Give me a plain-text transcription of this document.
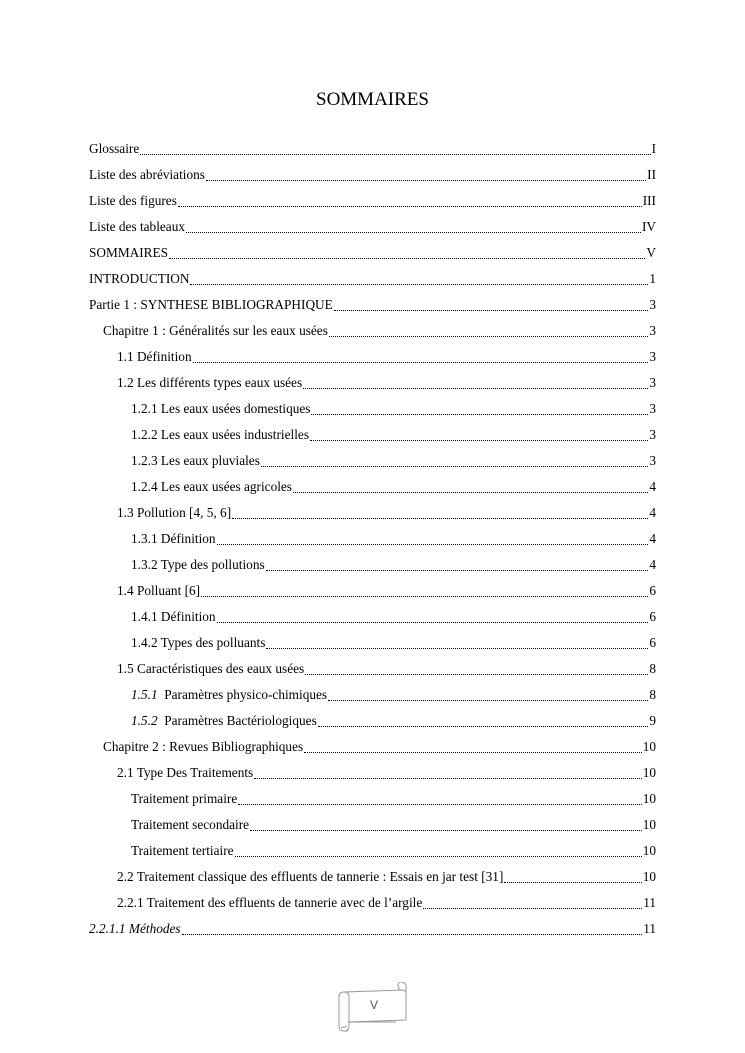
SOMMAIRES
Glossaire	I
Liste des abréviations	II
Liste des figures	III
Liste des tableaux	IV
SOMMAIRES	V
INTRODUCTION	1
Partie 1 : SYNTHESE BIBLIOGRAPHIQUE	3
Chapitre 1 : Généralités sur les eaux usées	3
1.1 Définition	3
1.2 Les différents types eaux usées	3
1.2.1 Les eaux usées domestiques	3
1.2.2 Les eaux usées industrielles	3
1.2.3 Les eaux pluviales	3
1.2.4 Les eaux usées agricoles	4
1.3 Pollution [4, 5, 6]	4
1.3.1 Définition	4
1.3.2 Type des pollutions	4
1.4 Polluant [6]	6
1.4.1 Définition	6
1.4.2 Types des polluants	6
1.5 Caractéristiques des eaux usées	8
1.5.1 Paramètres physico-chimiques	8
1.5.2 Paramètres Bactériologiques	9
Chapitre 2 : Revues Bibliographiques	10
2.1 Type Des Traitements	10
Traitement primaire	10
Traitement secondaire	10
Traitement tertiaire	10
2.2 Traitement classique des effluents de tannerie : Essais en jar test [31]	10
2.2.1 Traitement des effluents de tannerie avec de l’argile	11
2.2.1.1 Méthodes	11
V
